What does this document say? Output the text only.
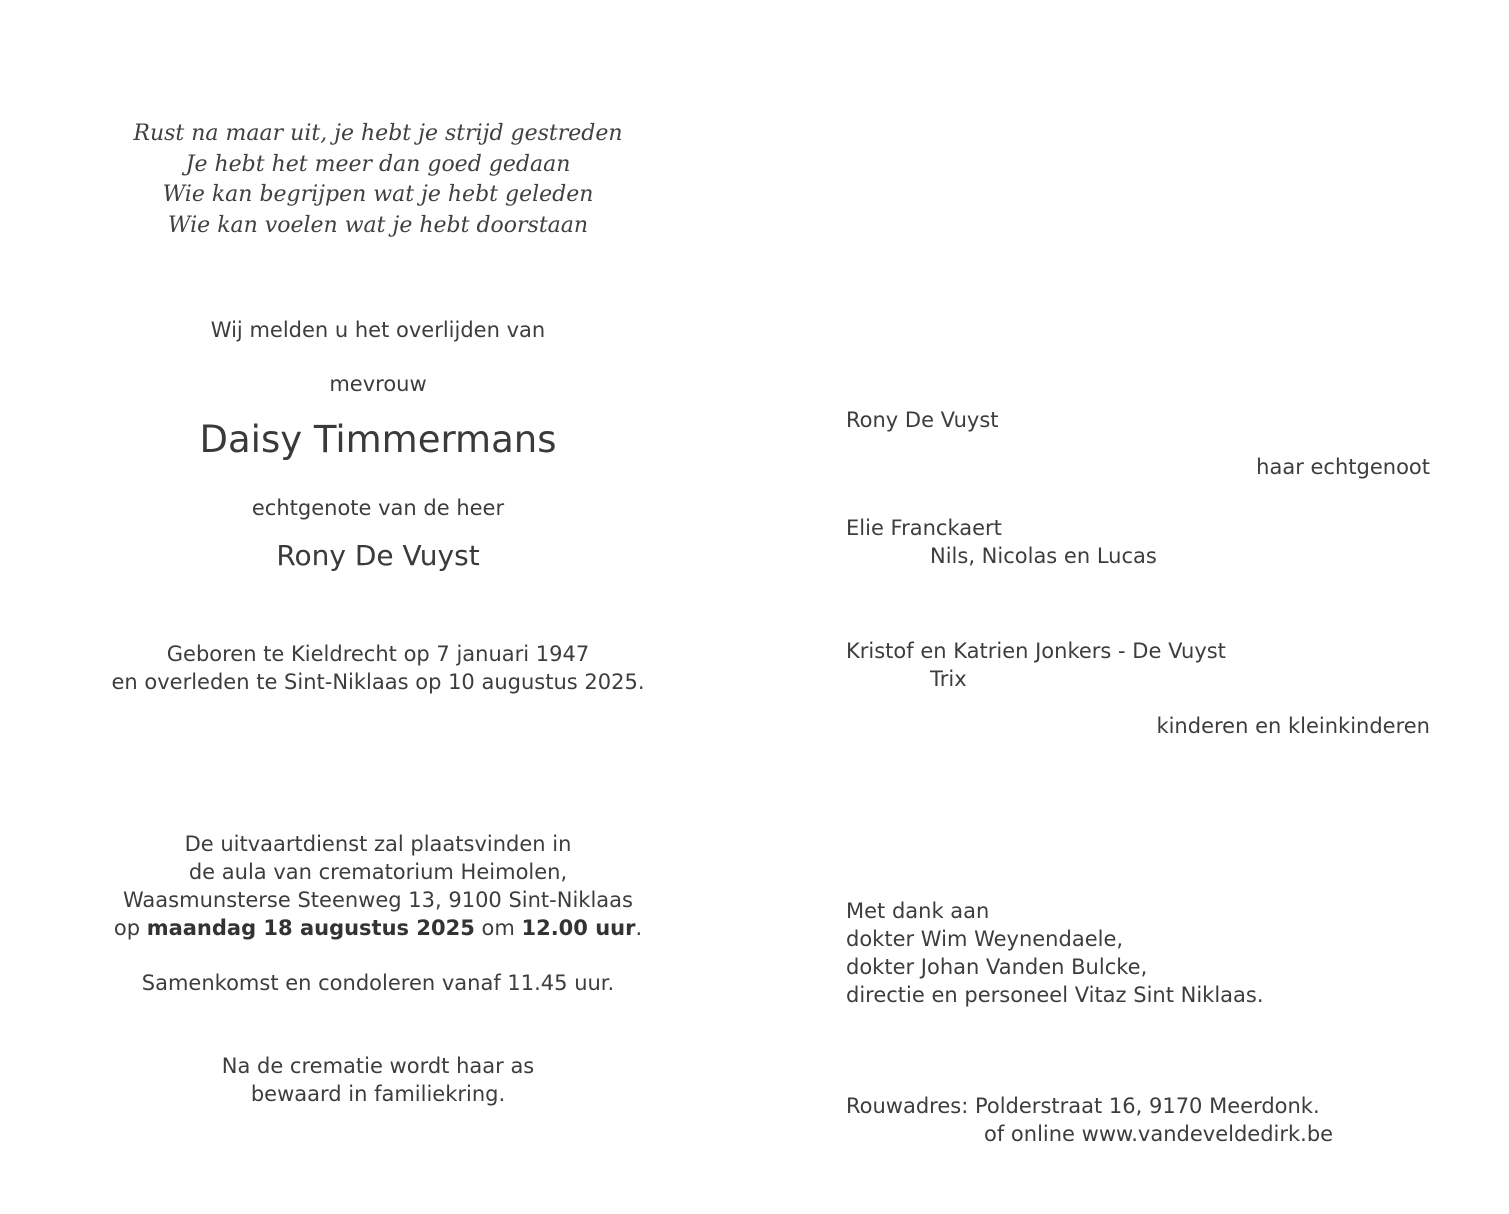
Rust na maar uit, je hebt je strijd gestreden
Je hebt het meer dan goed gedaan
Wie kan begrijpen wat je hebt geleden
Wie kan voelen wat je hebt doorstaan
Wij melden u het overlijden van
mevrouw
Daisy Timmermans
echtgenote van de heer
Rony De Vuyst
Geboren te Kieldrecht op 7 januari 1947
en overleden te Sint-Niklaas op 10 augustus 2025.
De uitvaartdienst zal plaatsvinden in
de aula van crematorium Heimolen,
Waasmunsterse Steenweg 13, 9100 Sint-Niklaas
op maandag 18 augustus 2025 om 12.00 uur.
Samenkomst en condoleren vanaf 11.45 uur.
Na de crematie wordt haar as
bewaard in familiekring.
Rony De Vuyst
haar echtgenoot
Elie Franckaert
Nils, Nicolas en Lucas
Kristof en Katrien Jonkers - De Vuyst
Trix
kinderen en kleinkinderen
Met dank aan
dokter Wim Weynendaele,
dokter Johan Vanden Bulcke,
directie en personeel Vitaz Sint Niklaas.
Rouwadres: Polderstraat 16, 9170 Meerdonk.
of online www.vandeveldedirk.be
